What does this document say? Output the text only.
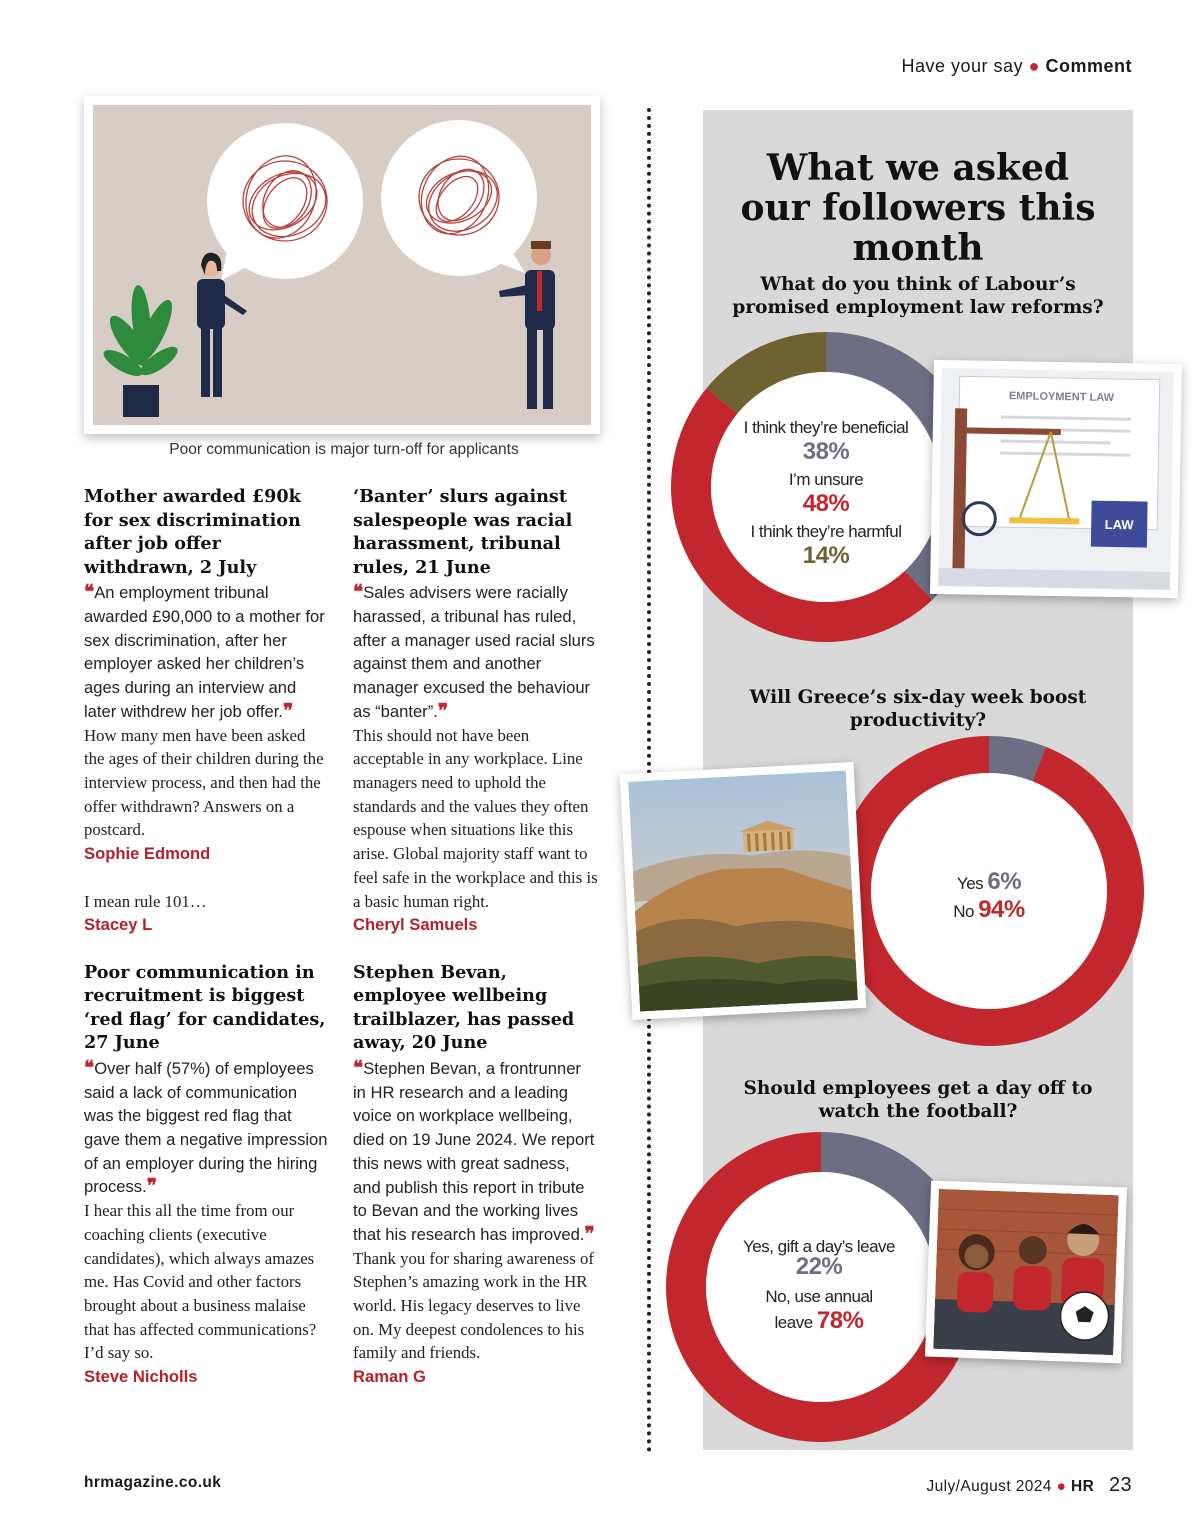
Have your say ● Comment
Poor communication is major turn-off for applicants
Mother awarded £90k for sex discrimination after job offer withdrawn, 2 July

❝An employment tribunal awarded £90,000 to a mother for sex discrimination, after her employer asked her children’s ages during an interview and later withdrew her job offer.❞

How many men have been asked the ages of their children during the interview process, and then had the offer withdrawn? Answers on a postcard.

Sophie Edmond

I mean rule 101…

Stacey L

Poor communication in recruitment is biggest ‘red flag’ for candidates, 27 June

❝Over half (57%) of employees said a lack of communication was the biggest red flag that gave them a negative impression of an employer during the hiring process.❞

I hear this all the time from our coaching clients (executive candidates), which always amazes me. Has Covid and other factors brought about a business malaise that has affected communications? I’d say so.

Steve Nicholls

‘Banter’ slurs against salespeople was racial harassment, tribunal rules, 21 June

❝Sales advisers were racially harassed, a tribunal has ruled, after a manager used racial slurs against them and another manager excused the behaviour as “banter”.❞

This should not have been acceptable in any workplace. Line managers need to uphold the standards and the values they often espouse when situations like this arise. Global majority staff want to feel safe in the workplace and this is a basic human right.

Cheryl Samuels

Stephen Bevan, employee wellbeing trailblazer, has passed away, 20 June

❝Stephen Bevan, a frontrunner in HR research and a leading voice on workplace wellbeing, died on 19 June 2024. We report this news with great sadness, and publish this report in tribute to Bevan and the working lives that his research has improved.❞

Thank you for sharing awareness of Stephen’s amazing work in the HR world. His legacy deserves to live on. My deepest condolences to his family and friends.

Raman G

What we asked our followers this month
What do you think of Labour’s promised employment law reforms?
I think they’re beneficial
38%
I’m unsure
48%
I think they’re harmful
14%
EMPLOYMENT LAW
LAW
Will Greece’s six-day week boost productivity?
Yes 6%
No 94%
Should employees get a day off to watch the football?
Yes, gift a day’s leave
22%
No, use annual leave 78%
hrmagazine.co.uk	July/August 2024 ● HR 23
